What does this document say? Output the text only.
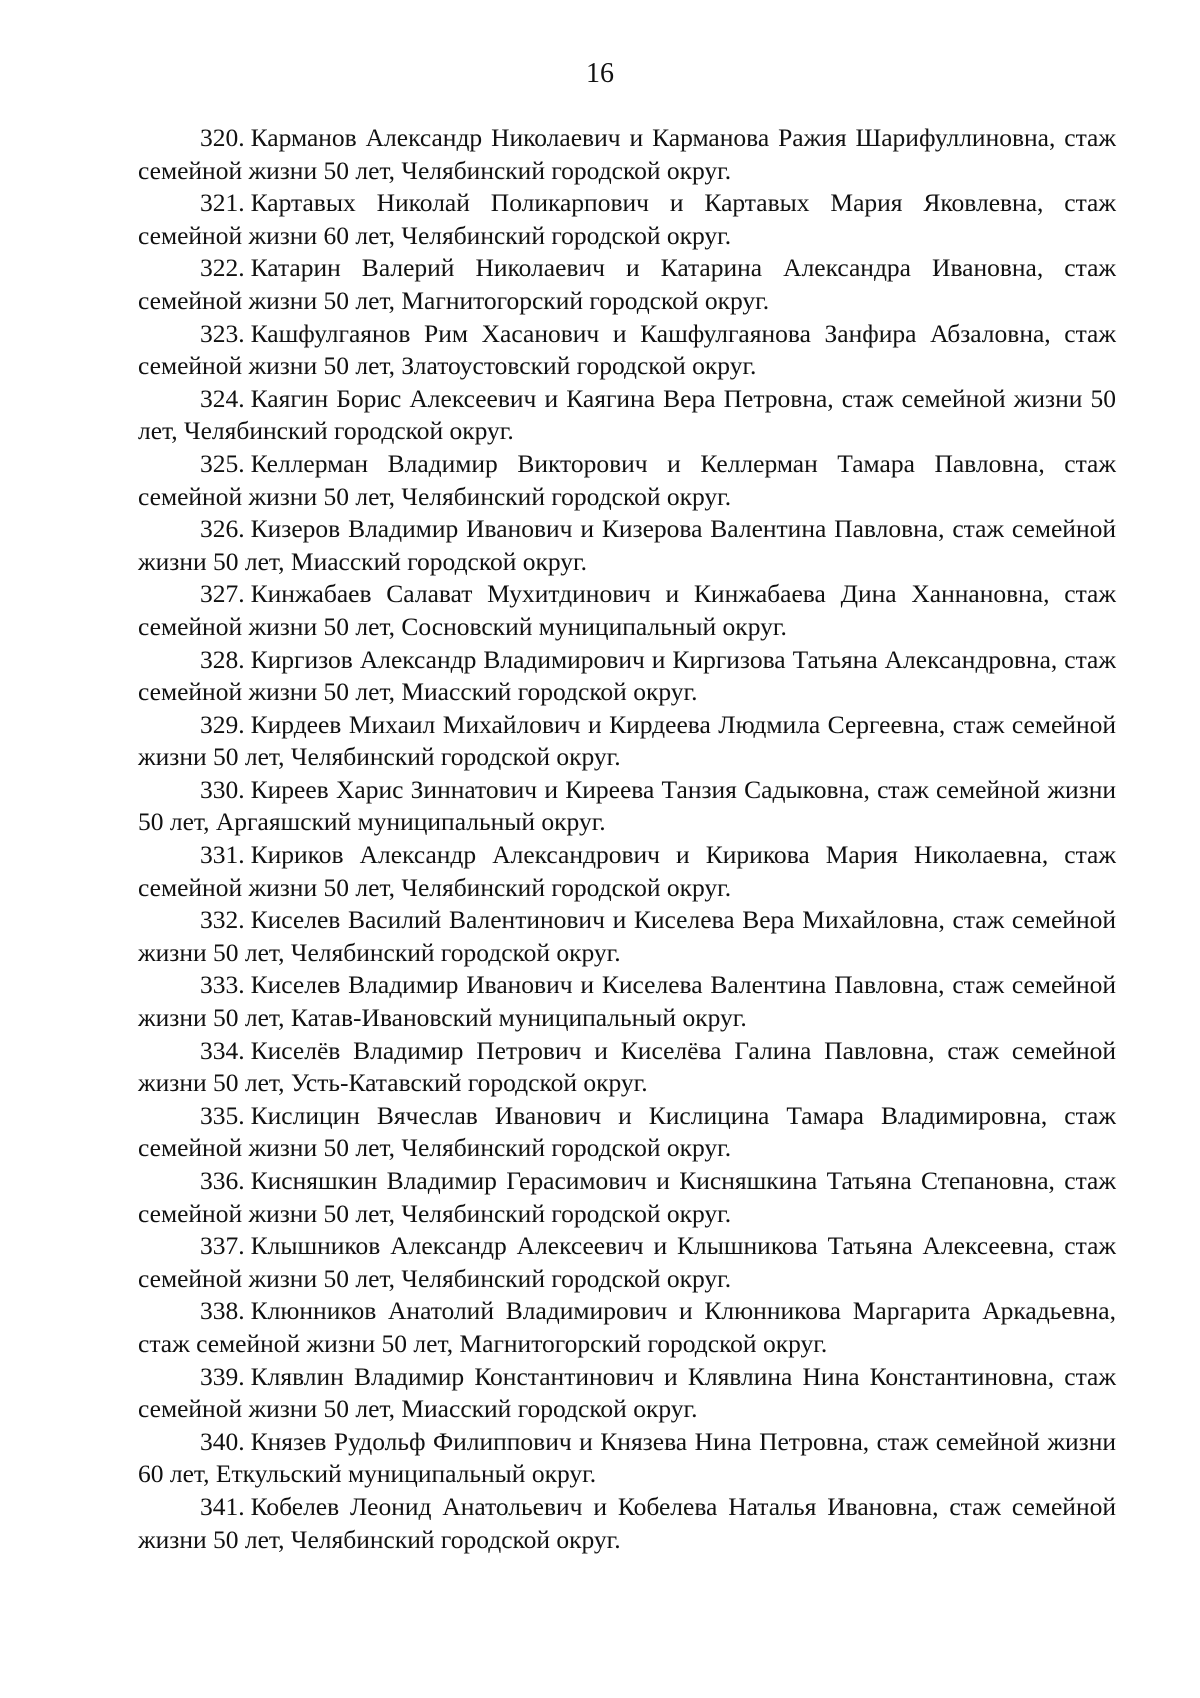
16

320. Карманов Александр Николаевич и Карманова Ражия Шарифуллиновна, стаж семейной жизни 50 лет, Челябинский городской округ.

321. Картавых Николай Поликарпович и Картавых Мария Яковлевна, стаж семейной жизни 60 лет, Челябинский городской округ.

322. Катарин Валерий Николаевич и Катарина Александра Ивановна, стаж семейной жизни 50 лет, Магнитогорский городской округ.

323. Кашфулгаянов Рим Хасанович и Кашфулгаянова Занфира Абзаловна, стаж семейной жизни 50 лет, Златоустовский городской округ.

324. Каягин Борис Алексеевич и Каягина Вера Петровна, стаж семейной жизни 50 лет, Челябинский городской округ.

325. Келлерман Владимир Викторович и Келлерман Тамара Павловна, стаж семейной жизни 50 лет, Челябинский городской округ.

326. Кизеров Владимир Иванович и Кизерова Валентина Павловна, стаж семейной жизни 50 лет, Миасский городской округ.

327. Кинжабаев Салават Мухитдинович и Кинжабаева Дина Ханнановна, стаж семейной жизни 50 лет, Сосновский муниципальный округ.

328. Киргизов Александр Владимирович и Киргизова Татьяна Александровна, стаж семейной жизни 50 лет, Миасский городской округ.

329. Кирдеев Михаил Михайлович и Кирдеева Людмила Сергеевна, стаж семейной жизни 50 лет, Челябинский городской округ.

330. Киреев Харис Зиннатович и Киреева Танзия Садыковна, стаж семейной жизни 50 лет, Аргаяшский муниципальный округ.

331. Кириков Александр Александрович и Кирикова Мария Николаевна, стаж семейной жизни 50 лет, Челябинский городской округ.

332. Киселев Василий Валентинович и Киселева Вера Михайловна, стаж семейной жизни 50 лет, Челябинский городской округ.

333. Киселев Владимир Иванович и Киселева Валентина Павловна, стаж семейной жизни 50 лет, Катав-Ивановский муниципальный округ.

334. Киселёв Владимир Петрович и Киселёва Галина Павловна, стаж семейной жизни 50 лет, Усть-Катавский городской округ.

335. Кислицин Вячеслав Иванович и Кислицина Тамара Владимировна, стаж семейной жизни 50 лет, Челябинский городской округ.

336. Кисняшкин Владимир Герасимович и Кисняшкина Татьяна Степановна, стаж семейной жизни 50 лет, Челябинский городской округ.

337. Клышников Александр Алексеевич и Клышникова Татьяна Алексеевна, стаж семейной жизни 50 лет, Челябинский городской округ.

338. Клюнников Анатолий Владимирович и Клюнникова Маргарита Аркадьевна, стаж семейной жизни 50 лет, Магнитогорский городской округ.

339. Клявлин Владимир Константинович и Клявлина Нина Константиновна, стаж семейной жизни 50 лет, Миасский городской округ.

340. Князев Рудольф Филиппович и Князева Нина Петровна, стаж семейной жизни 60 лет, Еткульский муниципальный округ.

341. Кобелев Леонид Анатольевич и Кобелева Наталья Ивановна, стаж семейной жизни 50 лет, Челябинский городской округ.
